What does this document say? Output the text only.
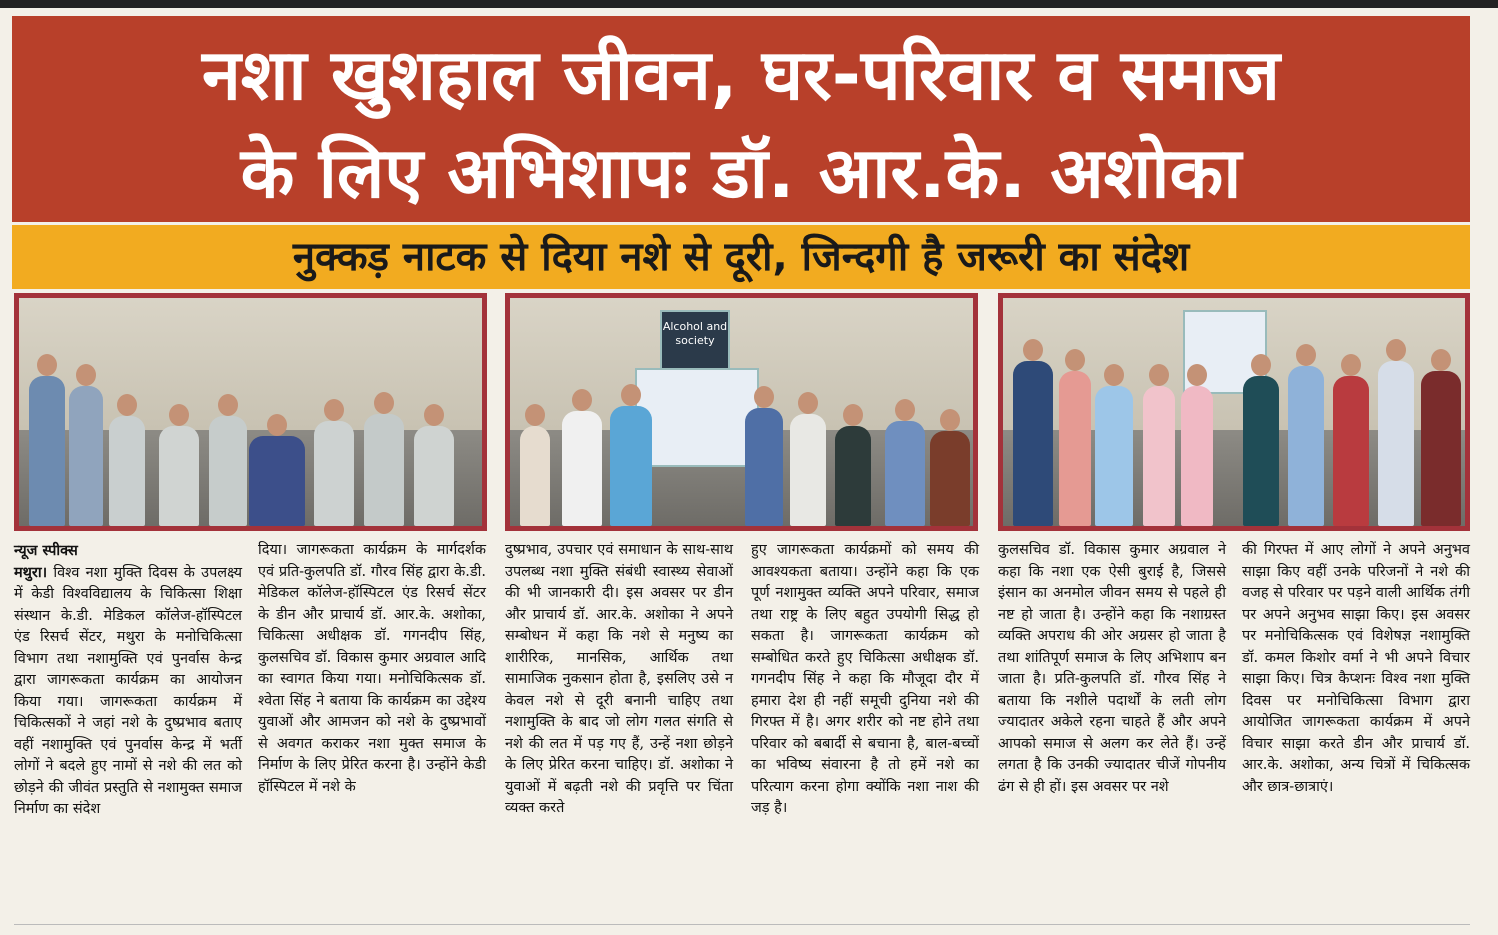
नशा खुशहाल जीवन, घर-परिवार व समाज
के लिए अभिशापः डॉ. आर.के. अशोका
नुक्कड़ नाटक से दिया नशे से दूरी, जिन्दगी है जरूरी का संदेश
Alcohol and society
न्यूज स्पीक्स
मथुरा। विश्व नशा मुक्ति दिवस के उपलक्ष्य में केडी विश्वविद्यालय के चिकित्सा शिक्षा संस्थान के.डी. मेडिकल कॉलेज-हॉस्पिटल एंड रिसर्च सेंटर, मथुरा के मनोचिकित्सा विभाग तथा नशामुक्ति एवं पुनर्वास केन्द्र द्वारा जागरूकता कार्यक्रम का आयोजन किया गया। जागरूकता कार्यक्रम में चिकित्सकों ने जहां नशे के दुष्प्रभाव बताए वहीं नशामुक्ति एवं पुनर्वास केन्द्र में भर्ती लोगों ने बदले हुए नामों से नशे की लत को छोड़ने की जीवंत प्रस्तुति से नशामुक्त समाज निर्माण का संदेश
दिया। जागरूकता कार्यक्रम के मार्गदर्शक एवं प्रति-कुलपति डॉ. गौरव सिंह द्वारा के.डी. मेडिकल कॉलेज-हॉस्पिटल एंड रिसर्च सेंटर के डीन और प्राचार्य डॉ. आर.के. अशोका, चिकित्सा अधीक्षक डॉ. गगनदीप सिंह, कुलसचिव डॉ. विकास कुमार अग्रवाल आदि का स्वागत किया गया। मनोचिकित्सक डॉ. श्वेता सिंह ने बताया कि कार्यक्रम का उद्देश्य युवाओं और आमजन को नशे के दुष्प्रभावों से अवगत कराकर नशा मुक्त समाज के निर्माण के लिए प्रेरित करना है। उन्होंने केडी हॉस्पिटल में नशे के
दुष्प्रभाव, उपचार एवं समाधान के साथ-साथ उपलब्ध नशा मुक्ति संबंधी स्वास्थ्य सेवाओं की भी जानकारी दी। इस अवसर पर डीन और प्राचार्य डॉ. आर.के. अशोका ने अपने सम्बोधन में कहा कि नशे से मनुष्य का शारीरिक, मानसिक, आर्थिक तथा सामाजिक नुकसान होता है, इसलिए उसे न केवल नशे से दूरी बनानी चाहिए तथा नशामुक्ति के बाद जो लोग गलत संगति से नशे की लत में पड़ गए हैं, उन्हें नशा छोड़ने के लिए प्रेरित करना चाहिए। डॉ. अशोका ने युवाओं में बढ़ती नशे की प्रवृत्ति पर चिंता व्यक्त करते
हुए जागरूकता कार्यक्रमों को समय की आवश्यकता बताया। उन्होंने कहा कि एक पूर्ण नशामुक्त व्यक्ति अपने परिवार, समाज तथा राष्ट्र के लिए बहुत उपयोगी सिद्ध हो सकता है। जागरूकता कार्यक्रम को सम्बोधित करते हुए चिकित्सा अधीक्षक डॉ. गगनदीप सिंह ने कहा कि मौजूदा दौर में हमारा देश ही नहीं समूची दुनिया नशे की गिरफ्त में है। अगर शरीर को नष्ट होने तथा परिवार को बबार्दी से बचाना है, बाल-बच्चों का भविष्य संवारना है तो हमें नशे का परित्याग करना होगा क्योंकि नशा नाश की जड़ है।
कुलसचिव डॉ. विकास कुमार अग्रवाल ने कहा कि नशा एक ऐसी बुराई है, जिससे इंसान का अनमोल जीवन समय से पहले ही नष्ट हो जाता है। उन्होंने कहा कि नशाग्रस्त व्यक्ति अपराध की ओर अग्रसर हो जाता है तथा शांतिपूर्ण समाज के लिए अभिशाप बन जाता है। प्रति-कुलपति डॉ. गौरव सिंह ने बताया कि नशीले पदार्थों के लती लोग ज्यादातर अकेले रहना चाहते हैं और अपने आपको समाज से अलग कर लेते हैं। उन्हें लगता है कि उनकी ज्यादातर चीजें गोपनीय ढंग से ही हों। इस अवसर पर नशे
की गिरफ्त में आए लोगों ने अपने अनुभव साझा किए वहीं उनके परिजनों ने नशे की वजह से परिवार पर पड़ने वाली आर्थिक तंगी पर अपने अनुभव साझा किए। इस अवसर पर मनोचिकित्सक एवं विशेषज्ञ नशामुक्ति डॉ. कमल किशोर वर्मा ने भी अपने विचार साझा किए। चित्र कैप्शनः विश्व नशा मुक्ति दिवस पर मनोचिकित्सा विभाग द्वारा आयोजित जागरूकता कार्यक्रम में अपने विचार साझा करते डीन और प्राचार्य डॉ. आर.के. अशोका, अन्य चित्रों में चिकित्सक और छात्र-छात्राएं।
